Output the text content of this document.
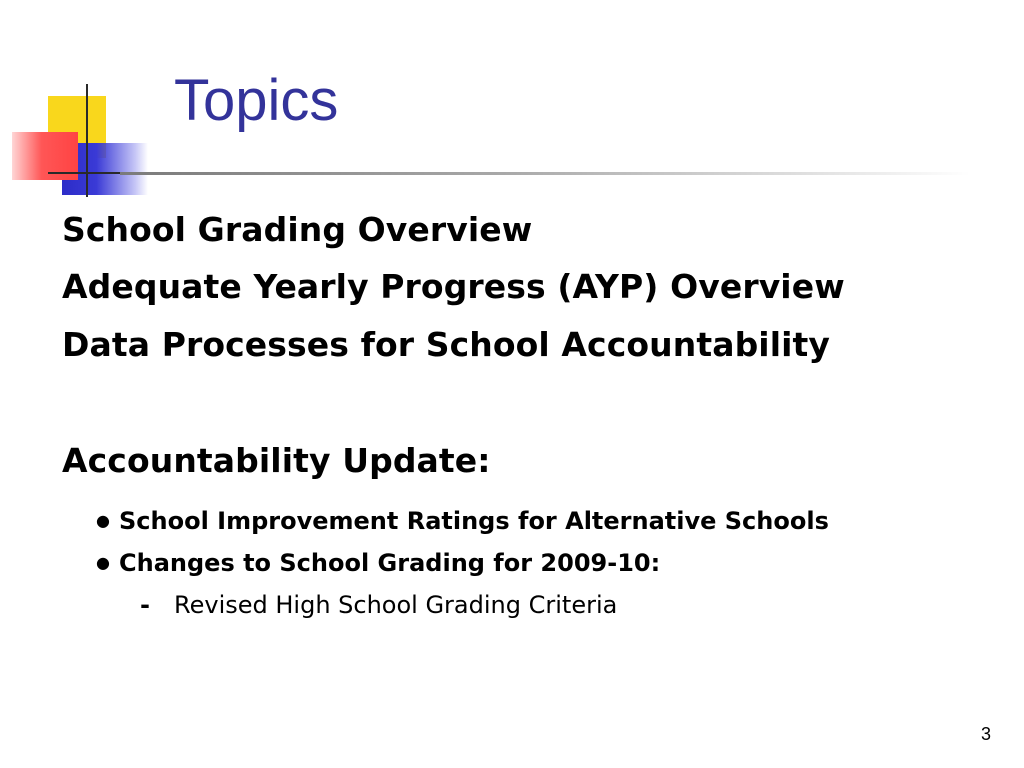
Topics

School Grading Overview

Adequate Yearly Progress (AYP) Overview

Data Processes for School Accountability

Accountability Update:

● School Improvement Ratings for Alternative Schools

● Changes to School Grading for 2009-10:

- Revised High School Grading Criteria

3
